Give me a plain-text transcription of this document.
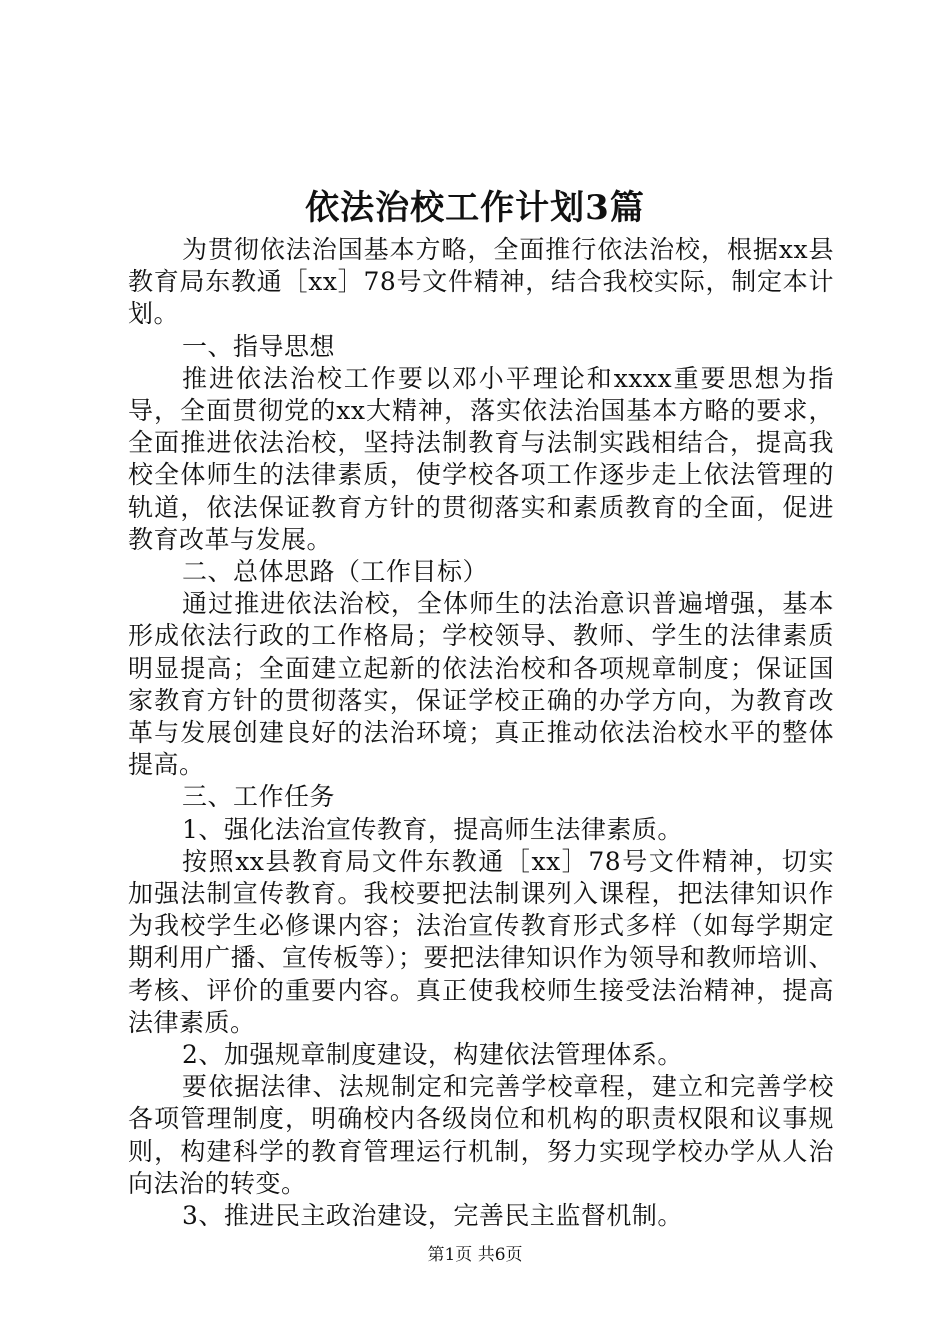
依法治校工作计划3篇

为贯彻依法治国基本方略，全面推行依法治校，根据xx县教育局东教通［xx］78号文件精神，结合我校实际，制定本计划。

一、指导思想

推进依法治校工作要以邓小平理论和xxxx重要思想为指导，全面贯彻党的xx大精神，落实依法治国基本方略的要求，全面推进依法治校，坚持法制教育与法制实践相结合，提高我校全体师生的法律素质，使学校各项工作逐步走上依法管理的轨道，依法保证教育方针的贯彻落实和素质教育的全面，促进教育改革与发展。

二、总体思路（工作目标）

通过推进依法治校，全体师生的法治意识普遍增强，基本形成依法行政的工作格局；学校领导、教师、学生的法律素质明显提高；全面建立起新的依法治校和各项规章制度；保证国家教育方针的贯彻落实，保证学校正确的办学方向，为教育改革与发展创建良好的法治环境；真正推动依法治校水平的整体提高。

三、工作任务

1、强化法治宣传教育，提高师生法律素质。

按照xx县教育局文件东教通［xx］78号文件精神，切实加强法制宣传教育。我校要把法制课列入课程，把法律知识作为我校学生必修课内容；法治宣传教育形式多样（如每学期定期利用广播、宣传板等）；要把法律知识作为领导和教师培训、考核、评价的重要内容。真正使我校师生接受法治精神，提高法律素质。

2、加强规章制度建设，构建依法管理体系。

要依据法律、法规制定和完善学校章程，建立和完善学校各项管理制度，明确校内各级岗位和机构的职责权限和议事规则，构建科学的教育管理运行机制，努力实现学校办学从人治向法治的转变。

3、推进民主政治建设，完善民主监督机制。

第1页 共6页
